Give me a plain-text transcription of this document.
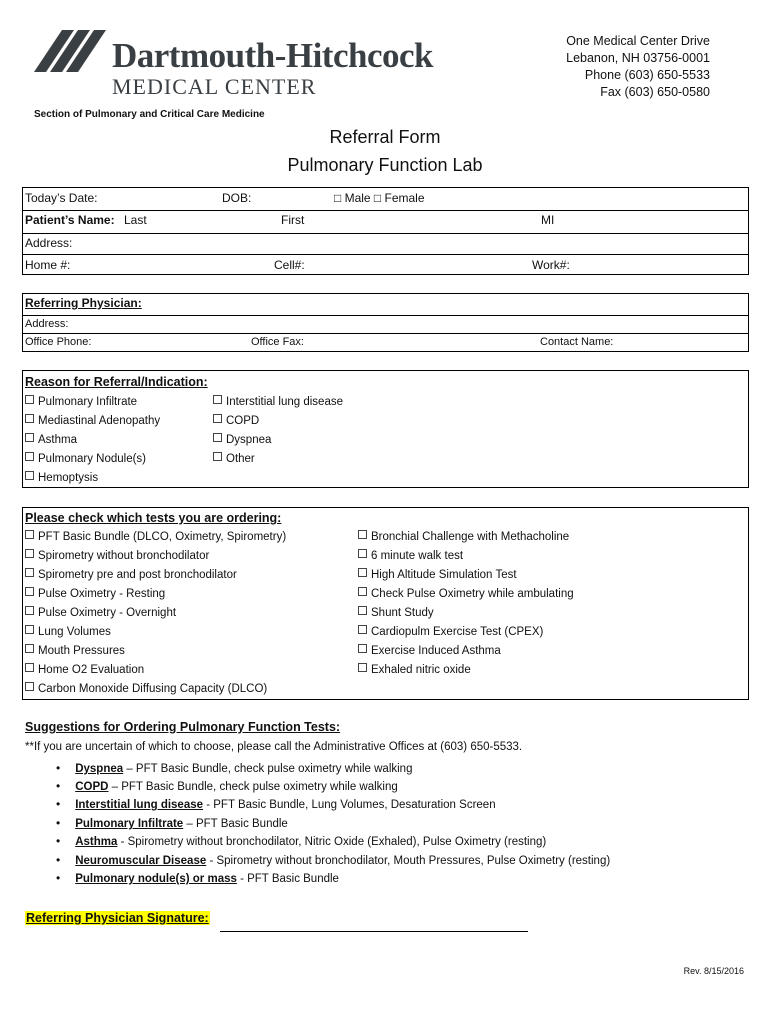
Dartmouth-Hitchcock
MEDICAL CENTER
One Medical Center Drive
Lebanon, NH 03756-0001
Phone (603) 650-5533
Fax (603) 650-0580
Section of Pulmonary and Critical Care Medicine
Referral Form
Pulmonary Function Lab
Today’s Date:	DOB:	□ Male □ Female
Patient’s Name: Last	First	MI
Address:
Home #:	Cell#:	Work#:
Referring Physician:
Address:
Office Phone:	Office Fax:	Contact Name:
Reason for Referral/Indication:
Pulmonary Infiltrate
Mediastinal Adenopathy
Asthma
Pulmonary Nodule(s)
Hemoptysis
Interstitial lung disease
COPD
Dyspnea
Other
Please check which tests you are ordering:
PFT Basic Bundle (DLCO, Oximetry, Spirometry)
Spirometry without bronchodilator
Spirometry pre and post bronchodilator
Pulse Oximetry - Resting
Pulse Oximetry - Overnight
Lung Volumes
Mouth Pressures
Home O2 Evaluation
Carbon Monoxide Diffusing Capacity (DLCO)
Bronchial Challenge with Methacholine
6 minute walk test
High Altitude Simulation Test
Check Pulse Oximetry while ambulating
Shunt Study
Cardiopulm Exercise Test (CPEX)
Exercise Induced Asthma
Exhaled nitric oxide
Suggestions for Ordering Pulmonary Function Tests:
**If you are uncertain of which to choose, please call the Administrative Offices at (603) 650-5533.
• Dyspnea – PFT Basic Bundle, check pulse oximetry while walking
• COPD – PFT Basic Bundle, check pulse oximetry while walking
• Interstitial lung disease - PFT Basic Bundle, Lung Volumes, Desaturation Screen
• Pulmonary Infiltrate – PFT Basic Bundle
• Asthma - Spirometry without bronchodilator, Nitric Oxide (Exhaled), Pulse Oximetry (resting)
• Neuromuscular Disease - Spirometry without bronchodilator, Mouth Pressures, Pulse Oximetry (resting)
• Pulmonary nodule(s) or mass - PFT Basic Bundle
Referring Physician Signature:
Rev. 8/15/2016
